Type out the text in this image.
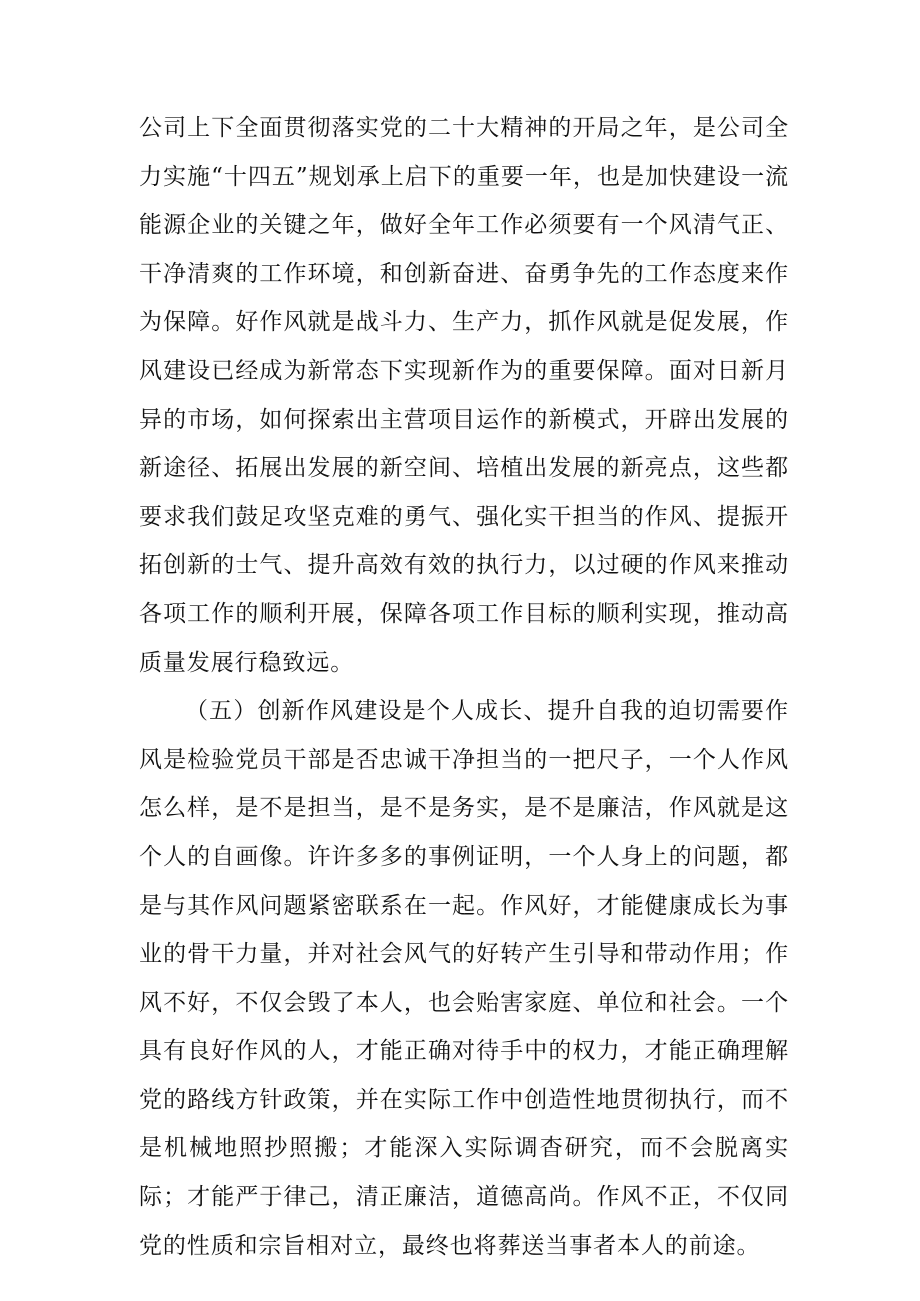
公司上下全面贯彻落实党的二十大精神的开局之年，是公司全力实施“十四五”规划承上启下的重要一年，也是加快建设一流能源企业的关键之年，做好全年工作必须要有一个风清气正、干净清爽的工作环境，和创新奋进、奋勇争先的工作态度来作为保障。好作风就是战斗力、生产力，抓作风就是促发展，作风建设已经成为新常态下实现新作为的重要保障。面对日新月异的市场，如何探索出主营项目运作的新模式，开辟出发展的新途径、拓展出发展的新空间、培植出发展的新亮点，这些都要求我们鼓足攻坚克难的勇气、强化实干担当的作风、提振开拓创新的士气、提升高效有效的执行力，以过硬的作风来推动各项工作的顺利开展，保障各项工作目标的顺利实现，推动高质量发展行稳致远。

（五）创新作风建设是个人成长、提升自我的迫切需要作风是检验党员干部是否忠诚干净担当的一把尺子，一个人作风怎么样，是不是担当，是不是务实，是不是廉洁，作风就是这个人的自画像。许许多多的事例证明，一个人身上的问题，都是与其作风问题紧密联系在一起。作风好，才能健康成长为事业的骨干力量，并对社会风气的好转产生引导和带动作用；作风不好，不仅会毁了本人，也会贻害家庭、单位和社会。一个具有良好作风的人，才能正确对待手中的权力，才能正确理解党的路线方针政策，并在实际工作中创造性地贯彻执行，而不是机械地照抄照搬；才能深入实际调杳研究，而不会脱离实际；才能严于律己，清正廉洁，道德高尚。作风不正，不仅同党的性质和宗旨相对立，最终也将葬送当事者本人的前途。
